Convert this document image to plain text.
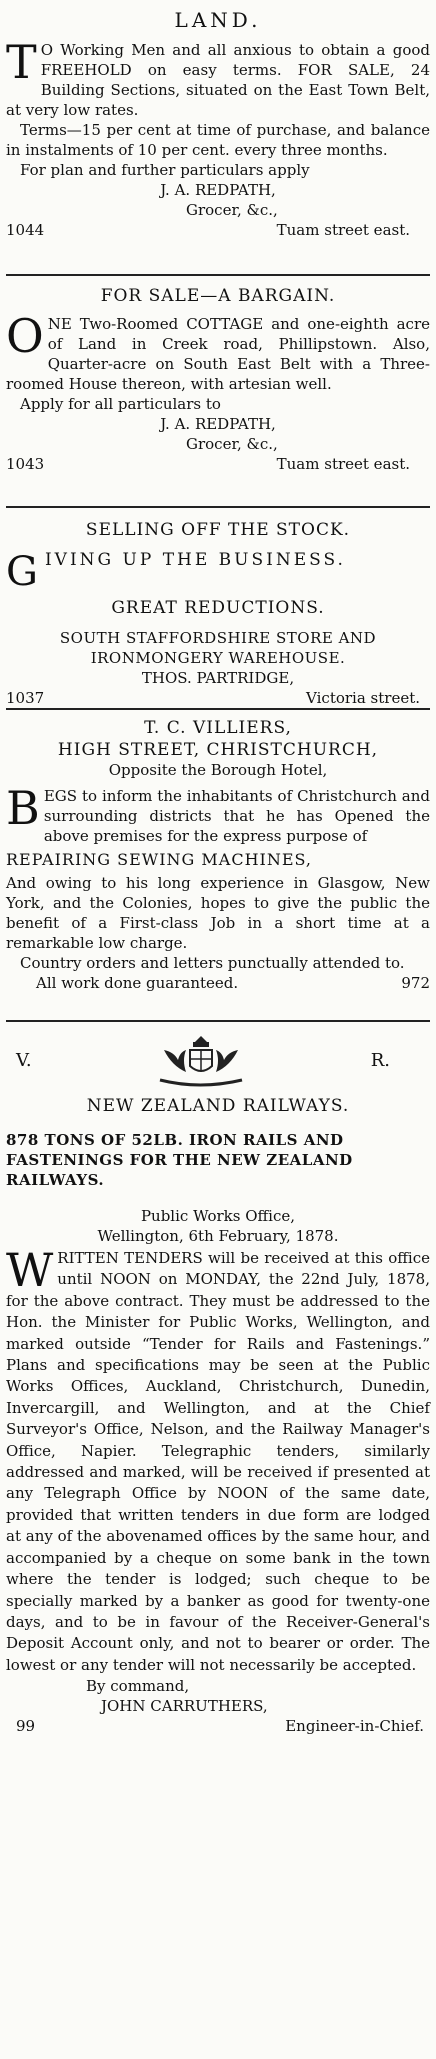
LAND.
T O Working Men and all anxious to obtain a good FREEHOLD on easy terms. FOR SALE, 24 Building Sections, situated on the East Town Belt, at very low rates.
Terms—15 per cent at time of purchase, and balance in instalments of 10 per cent. every three months.
For plan and further particulars apply
J. A. REDPATH,
Grocer, &c.,
1044	Tuam street east.
FOR SALE—A BARGAIN.
ONE Two-Roomed COTTAGE and one-eighth acre of Land in Creek road, Phillipstown. Also, Quarter-acre on South East Belt with a Three-roomed House thereon, with artesian well.
Apply for all particulars to
J. A. REDPATH,
Grocer, &c.,
1043	Tuam street east.
SELLING OFF THE STOCK.
GIVING UP THE BUSINESS.
GREAT REDUCTIONS.
SOUTH STAFFORDSHIRE STORE AND IRONMONGERY WAREHOUSE.
THOS. PARTRIDGE,
1037	Victoria street.
T. C. VILLIERS,
HIGH STREET, CHRISTCHURCH,
Opposite the Borough Hotel,
BEGS to inform the inhabitants of Christchurch and surrounding districts that he has Opened the above premises for the express purpose of
REPAIRING SEWING MACHINES,
And owing to his long experience in Glasgow, New York, and the Colonies, hopes to give the public the benefit of a First-class Job in a short time at a remarkable low charge.
Country orders and letters punctually attended to.
All work done guaranteed.	972
V.	R.
NEW ZEALAND RAILWAYS.
878 TONS OF 52LB. IRON RAILS AND FASTENINGS FOR THE NEW ZEALAND RAILWAYS.
Public Works Office,
Wellington, 6th February, 1878.
WRITTEN TENDERS will be received at this office until NOON on MONDAY, the 22nd July, 1878, for the above contract. They must be addressed to the Hon. the Minister for Public Works, Wellington, and marked outside “Tender for Rails and Fastenings.” Plans and specifications may be seen at the Public Works Offices, Auckland, Christchurch, Dunedin, Invercargill, and Wellington, and at the Chief Surveyor's Office, Nelson, and the Railway Manager's Office, Napier. Telegraphic tenders, similarly addressed and marked, will be received if presented at any Telegraph Office by NOON of the same date, provided that written tenders in due form are lodged at any of the abovenamed offices by the same hour, and accompanied by a cheque on some bank in the town where the tender is lodged; such cheque to be specially marked by a banker as good for twenty-one days, and to be in favour of the Receiver-General's Deposit Account only, and not to bearer or order. The lowest or any tender will not necessarily be accepted.
By command,
JOHN CARRUTHERS,
99	Engineer-in-Chief.
